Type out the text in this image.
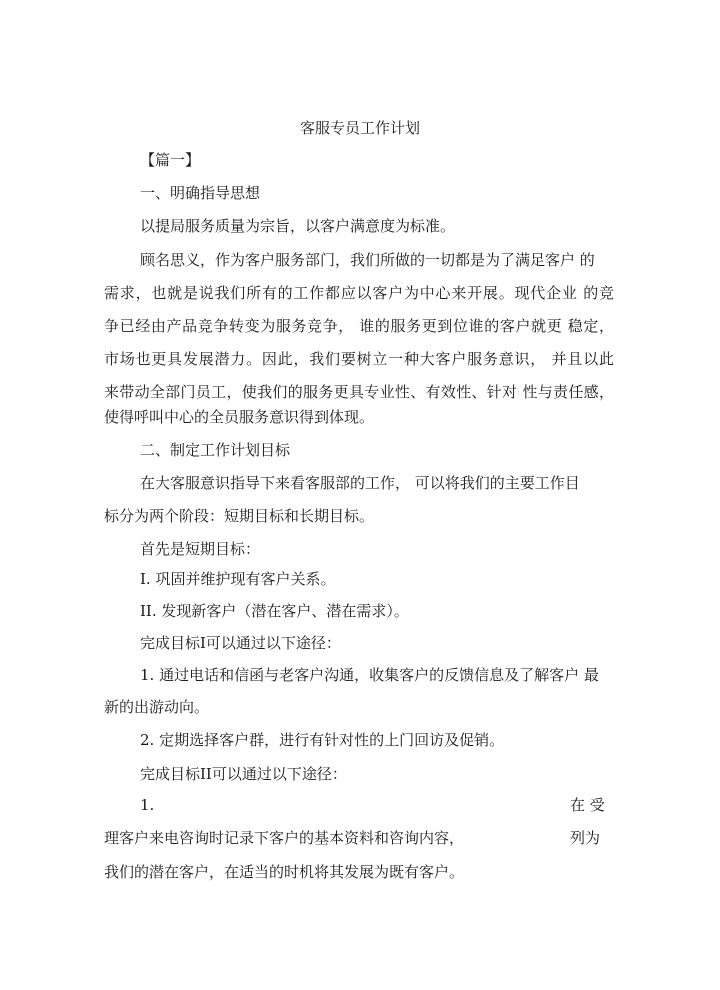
客服专员工作计划
【篇一】
一、明确指导思想
以提局服务质量为宗旨，以客户满意度为标准。
顾名思义，作为客户服务部门，我们所做的一切都是为了满足客户 的
需求，也就是说我们所有的工作都应以客户为中心来开展。现代企业 的竞
争已经由产品竞争转变为服务竞争， 谁的服务更到位谁的客户就更 稳定，
市场也更具发展潜力。因此，我们要树立一种大客户服务意识， 并且以此
来带动全部门员工，使我们的服务更具专业性、有效性、针对 性与责任感，
使得呼叫中心的全员服务意识得到体现。
二、制定工作计划目标
在大客服意识指导下来看客服部的工作， 可以将我们的主要工作目
标分为两个阶段：短期目标和长期目标。
首先是短期目标：
I. 巩固并维护现有客户关系。
II. 发现新客户（潜在客户、潜在需求）。
完成目标I可以通过以下途径：
1. 通过电话和信函与老客户沟通，收集客户的反馈信息及了解客户 最
新的出游动向。
2. 定期选择客户群，进行有针对性的上门回访及促销。
完成目标II可以通过以下途径：
1.	在 受
理客户来电咨询时记录下客户的基本资料和咨询内容，	列为
我们的潜在客户，在适当的时机将其发展为既有客户。
